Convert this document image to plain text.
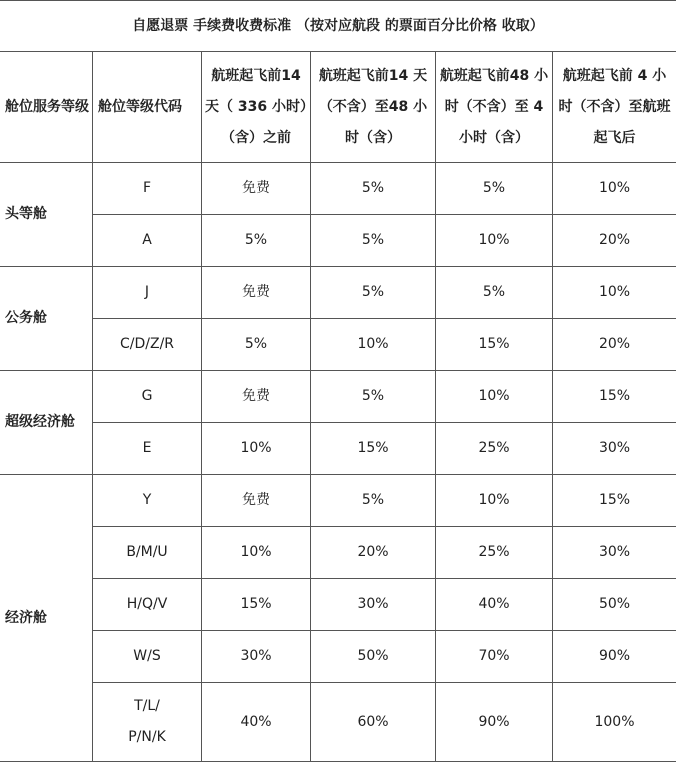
自愿退票 手续费收费标准 （按对应航段 的票面百分比价格 收取）					
舱位服务等级	舱位等级代码	航班起飞前14 天（ 336 小时）（含）之前	航班起飞前14 天（不含）至48 小时（含）	航班起飞前48 小时（不含）至 4 小时（含）	航班起飞前 4 小时（不含）至航班起飞后
头等舱	F	免费	5%	5%	10%
	A	5%	5%	10%	20%
公务舱	J	免费	5%	5%	10%
	C/D/Z/R	5%	10%	15%	20%
超级经济舱	G	免费	5%	10%	15%
	E	10%	15%	25%	30%
经济舱	Y	免费	5%	10%	15%
	B/M/U	10%	20%	25%	30%
	H/Q/V	15%	30%	40%	50%
	W/S	30%	50%	70%	90%
	T/L/ P/N/K	40%	60%	90%	100%
